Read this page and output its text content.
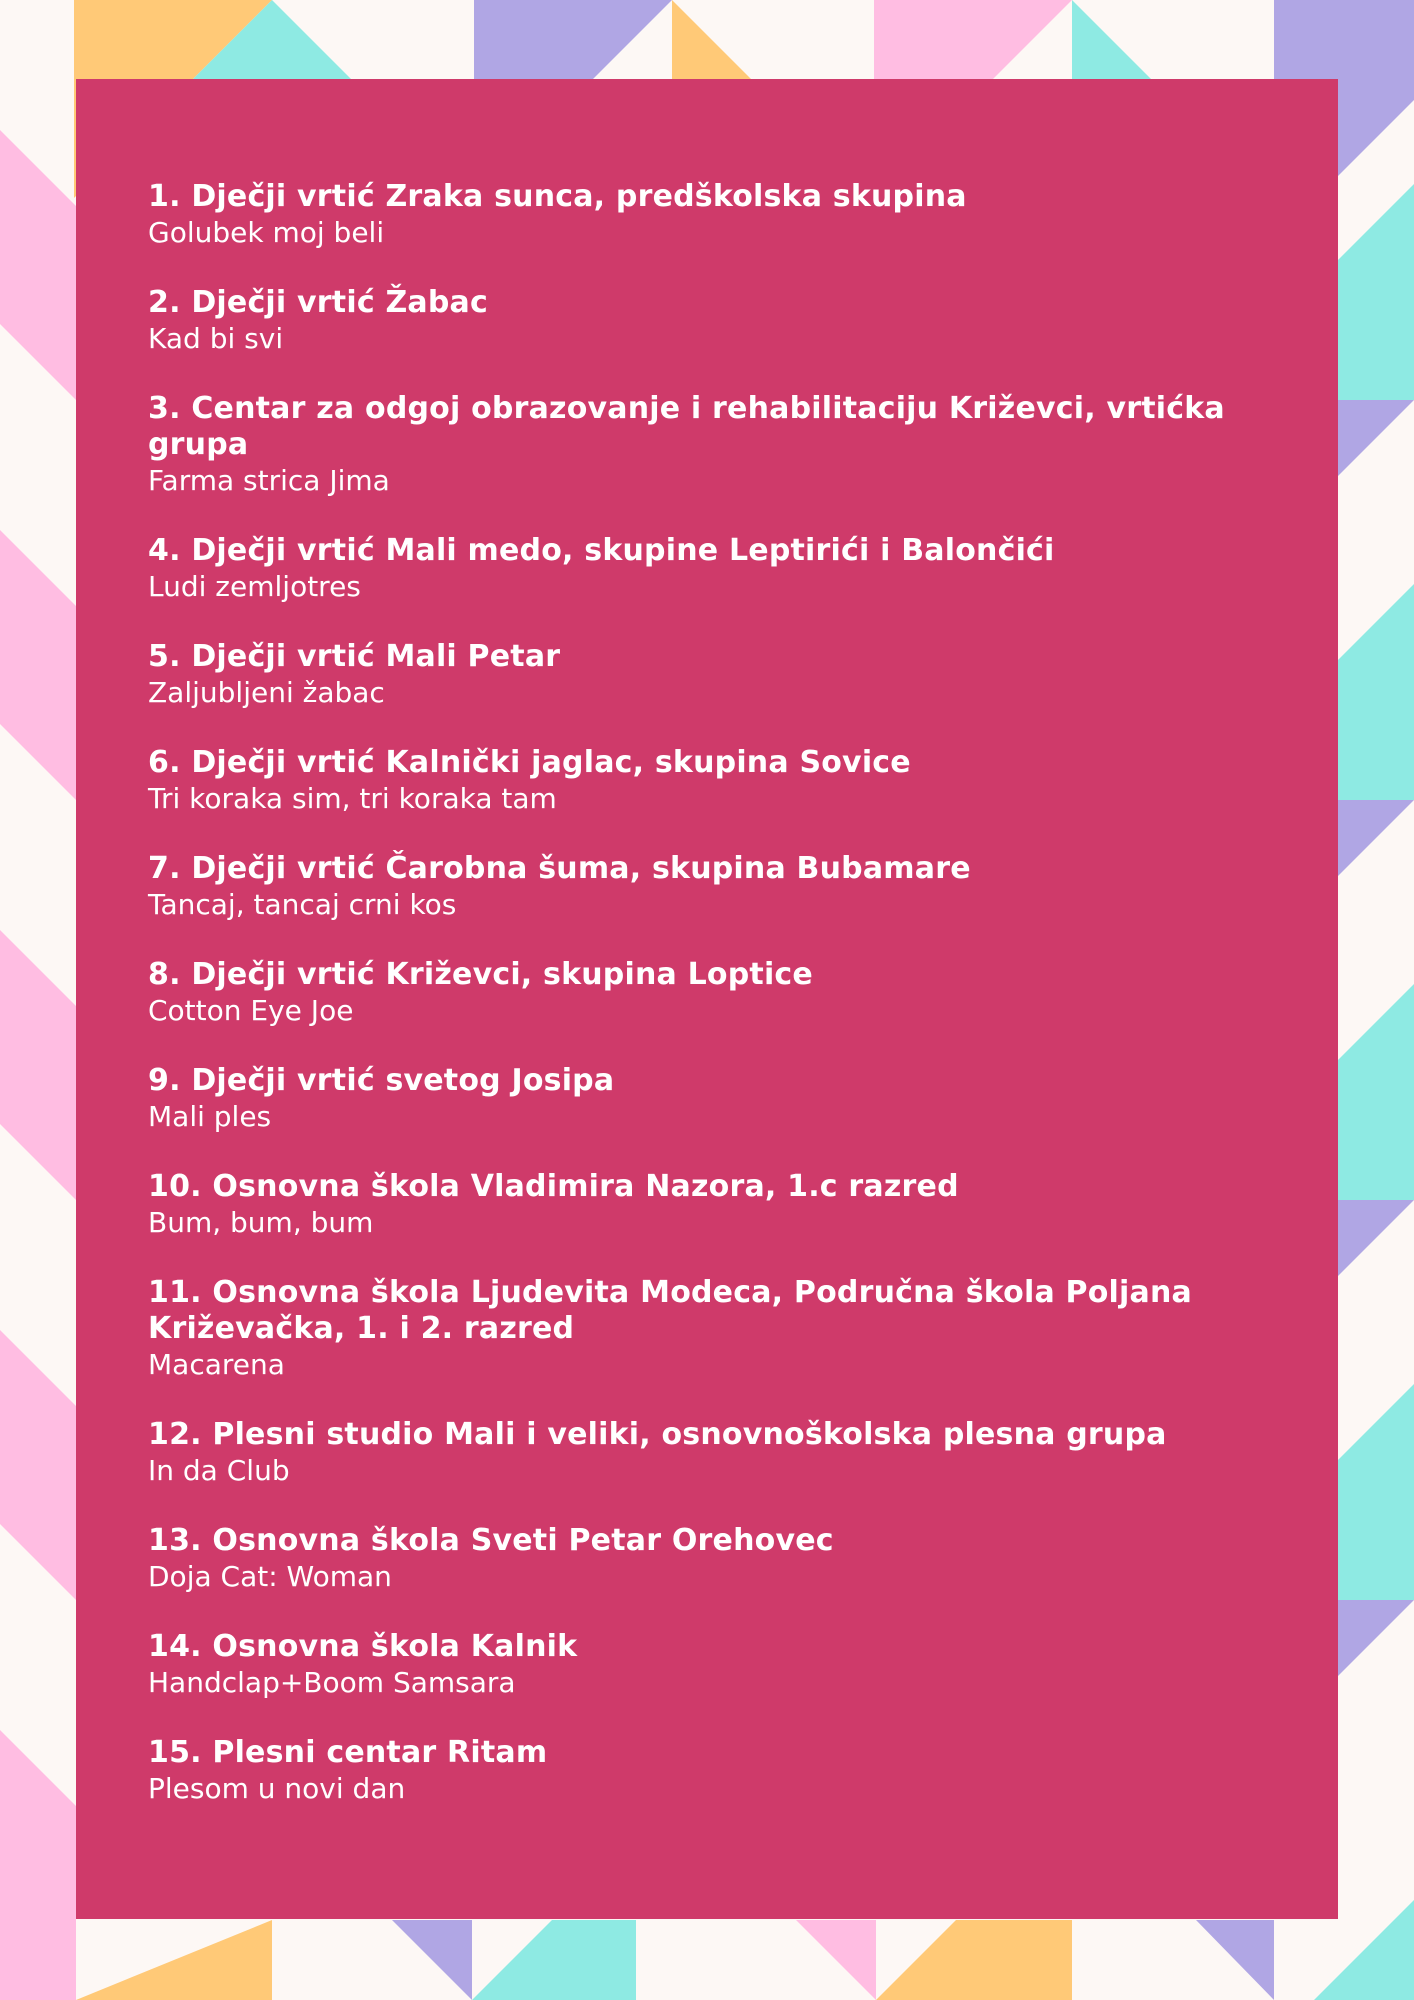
1. Dječji vrtić Zraka sunca, predškolska skupina
Golubek moj beli
2. Dječji vrtić Žabac
Kad bi svi
3. Centar za odgoj obrazovanje i rehabilitaciju Križevci, vrtićka grupa
Farma strica Jima
4. Dječji vrtić Mali medo, skupine Leptirići i Balončići
Ludi zemljotres
5. Dječji vrtić Mali Petar
Zaljubljeni žabac
6. Dječji vrtić Kalnički jaglac, skupina Sovice
Tri koraka sim, tri koraka tam
7. Dječji vrtić Čarobna šuma, skupina Bubamare
Tancaj, tancaj crni kos
8. Dječji vrtić Križevci, skupina Loptice
Cotton Eye Joe
9. Dječji vrtić svetog Josipa
Mali ples
10. Osnovna škola Vladimira Nazora, 1.c razred
Bum, bum, bum
11. Osnovna škola Ljudevita Modeca, Područna škola Poljana Križevačka, 1. i 2. razred
Macarena
12. Plesni studio Mali i veliki, osnovnoškolska plesna grupa
In da Club
13. Osnovna škola Sveti Petar Orehovec
Doja Cat: Woman
14. Osnovna škola Kalnik
Handclap+Boom Samsara
15. Plesni centar Ritam
Plesom u novi dan
